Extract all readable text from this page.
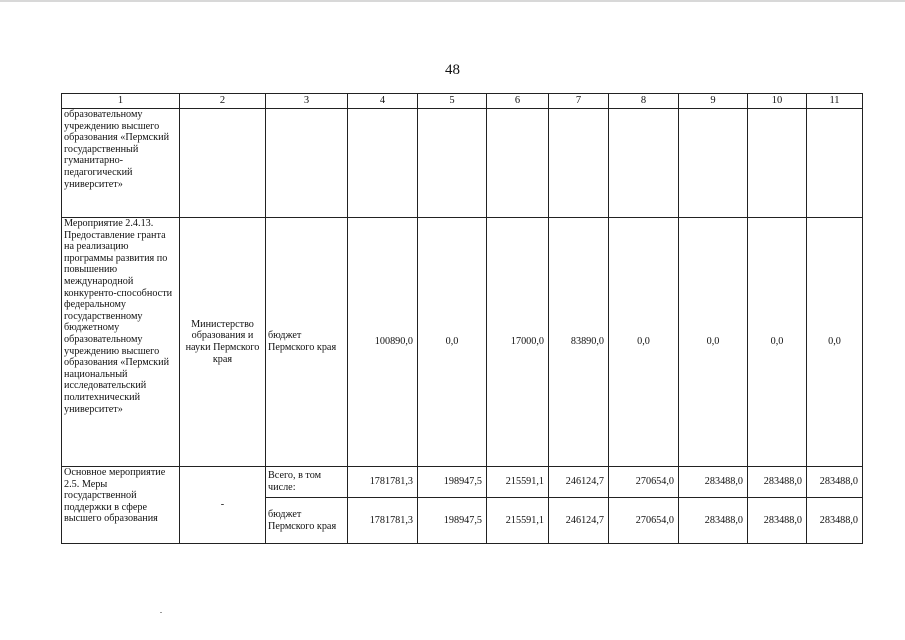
48
1	2	3	4	5	6	7	8	9	10	11
образовательному учреждению высшего образования «Пермский государственный гуманитарно-педагогический университет»										
Мероприятие 2.4.13. Предоставление гранта на реализацию программы развития по повышению международной конкуренто-способности федеральному государственному бюджетному образовательному учреждению высшего образования «Пермский национальный исследовательский политехнический университет»	Министерство образования и науки Пермского края	бюджет Пермского края	100890,0	0,0	17000,0	83890,0	0,0	0,0	0,0	0,0
Основное мероприятие 2.5. Меры государственной поддержки в сфере высшего образования	-	Всего, в том числе:	1781781,3	198947,5	215591,1	246124,7	270654,0	283488,0	283488,0	283488,0
		бюджет Пермского края	1781781,3	198947,5	215591,1	246124,7	270654,0	283488,0	283488,0	283488,0
